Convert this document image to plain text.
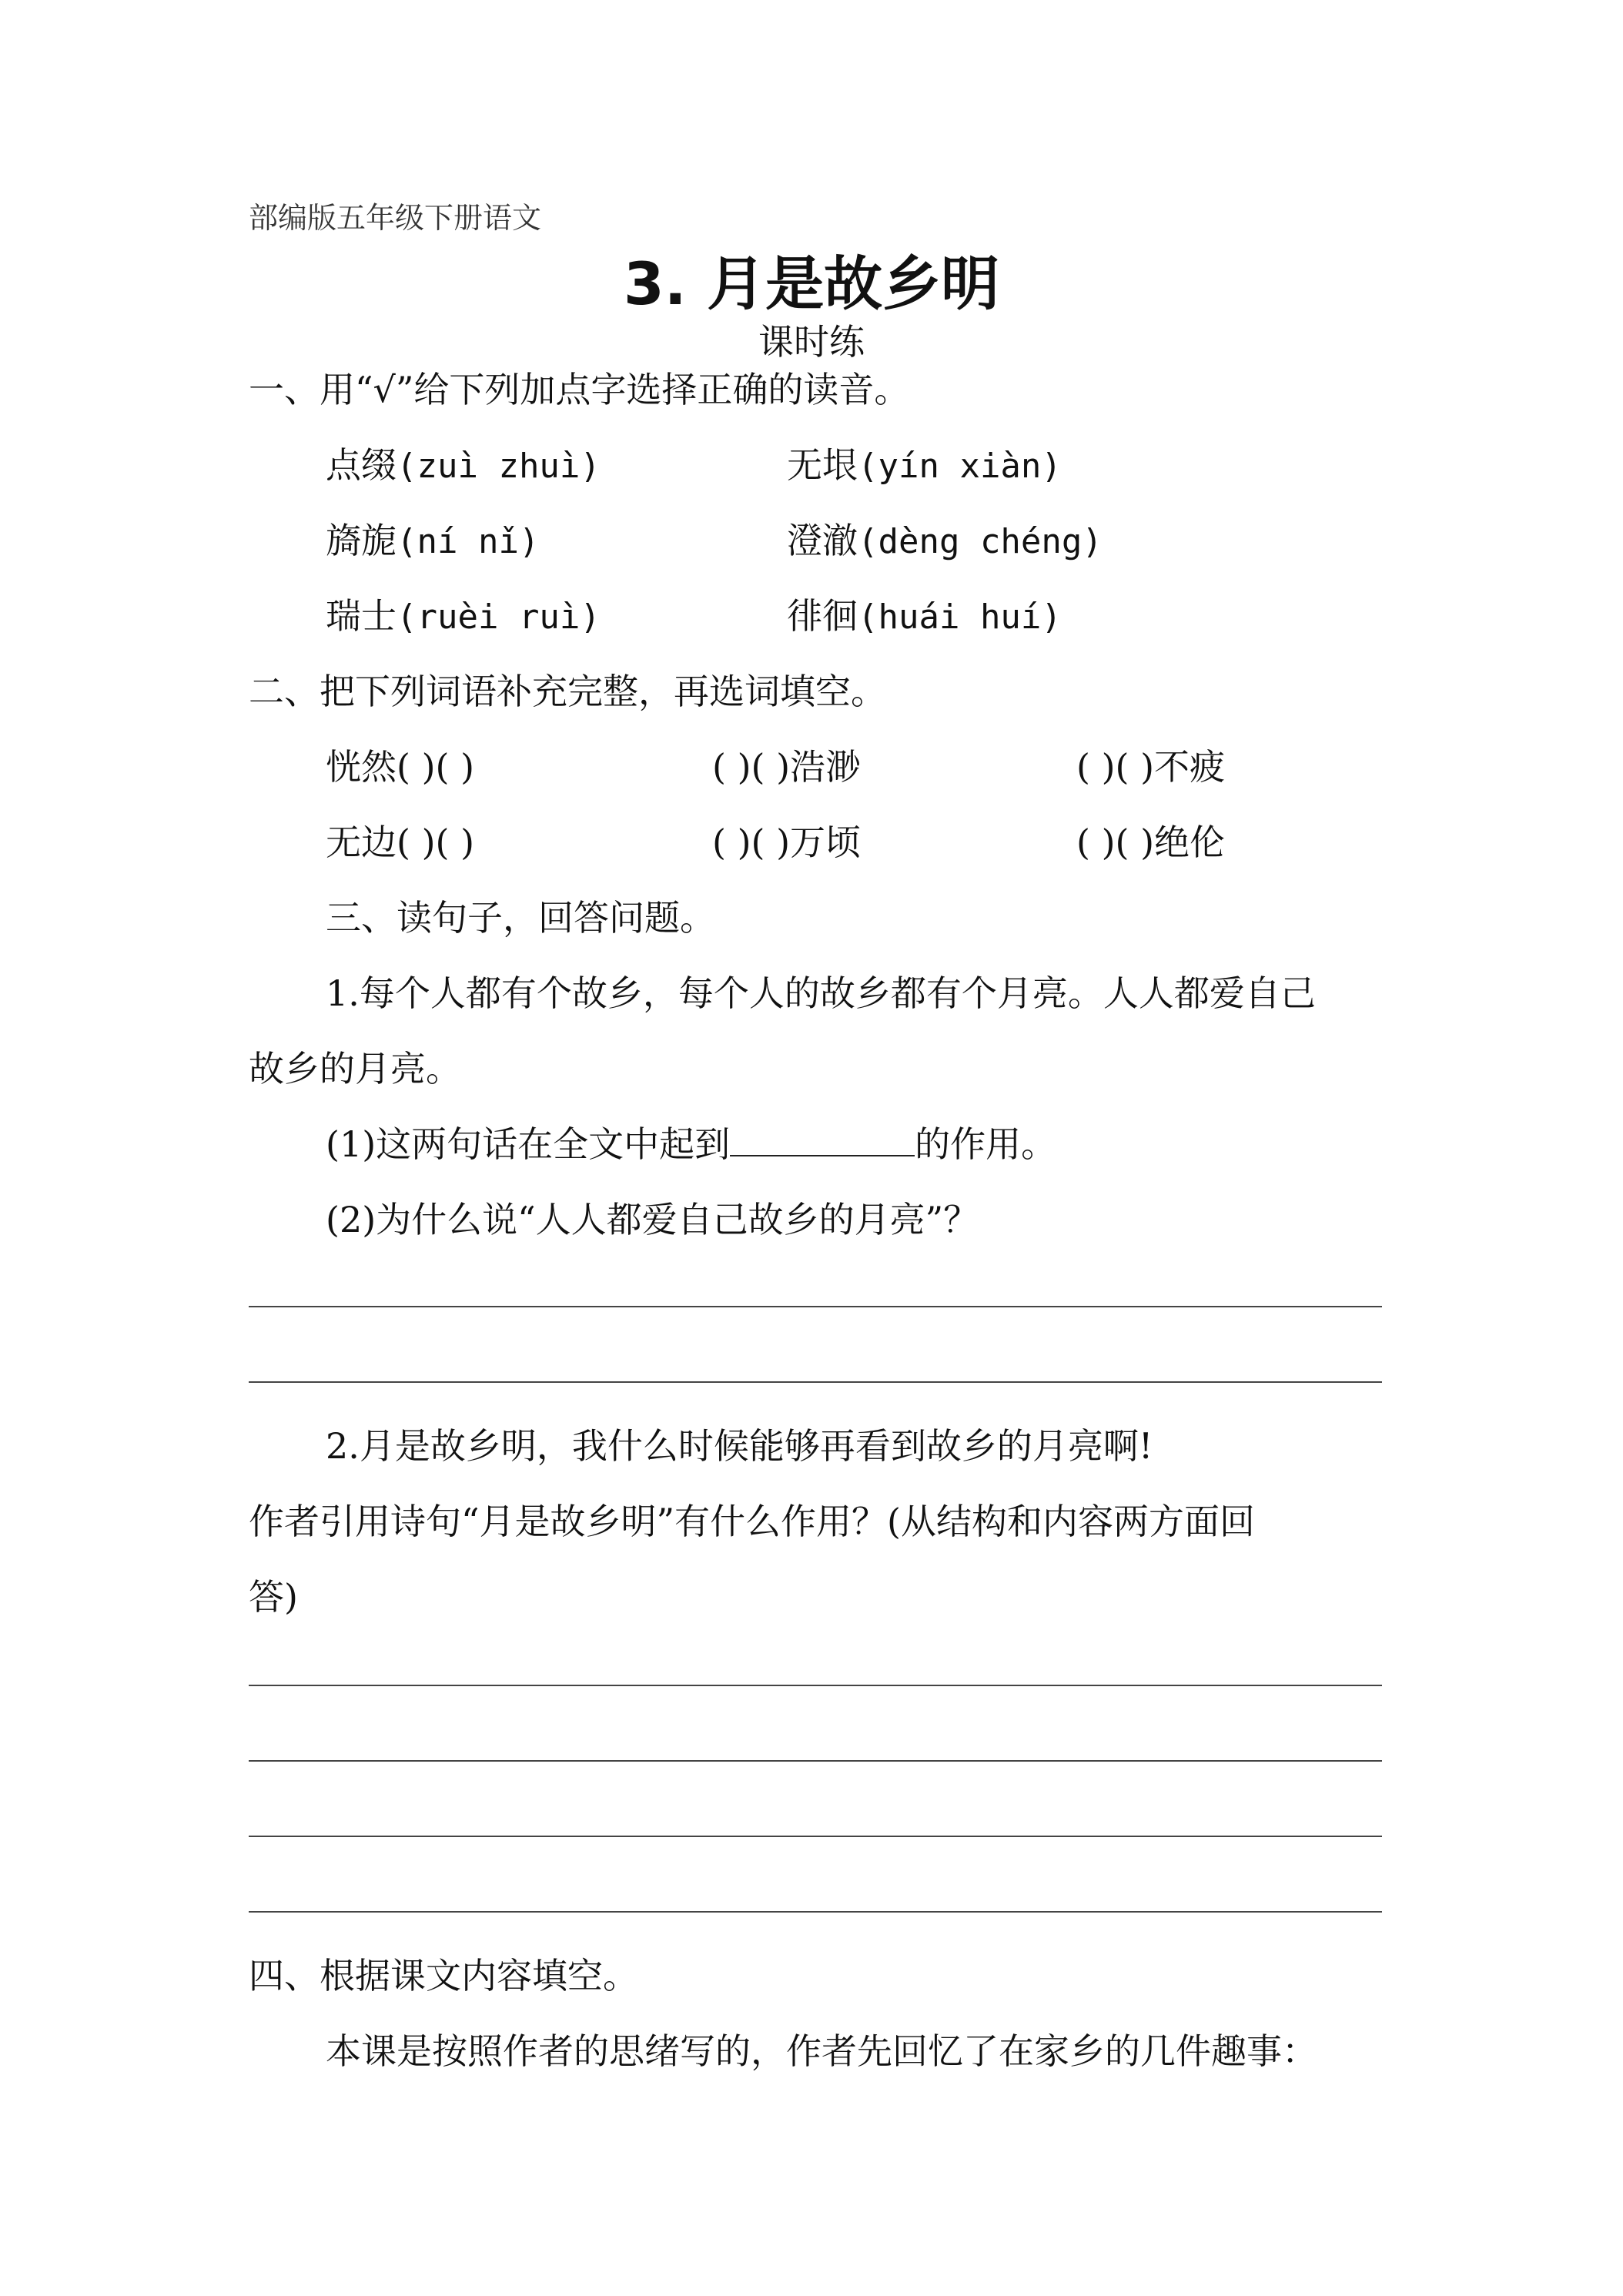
部编版五年级下册语文
3. 月是故乡明
课时练
一、用“√”给下列加点字选择正确的读音。
点缀(zuì zhuì)	无垠(yín xiàn)
旖旎(ní nǐ)	澄澈(dèng chéng)
瑞士(ruèi ruì)	徘徊(huái huí)
二、把下列词语补充完整，再选词填空。
恍然( )( )	( )( )浩渺	( )( )不疲
无边( )( )	( )( )万顷	( )( )绝伦
三、读句子，回答问题。
1.每个人都有个故乡，每个人的故乡都有个月亮。人人都爱自己
故乡的月亮。
(1)这两句话在全文中起到	的作用。
(2)为什么说“人人都爱自己故乡的月亮”？
2.月是故乡明，我什么时候能够再看到故乡的月亮啊!
作者引用诗句“月是故乡明”有什么作用？(从结构和内容两方面回
答)
四、根据课文内容填空。
本课是按照作者的思绪写的，作者先回忆了在家乡的几件趣事：
